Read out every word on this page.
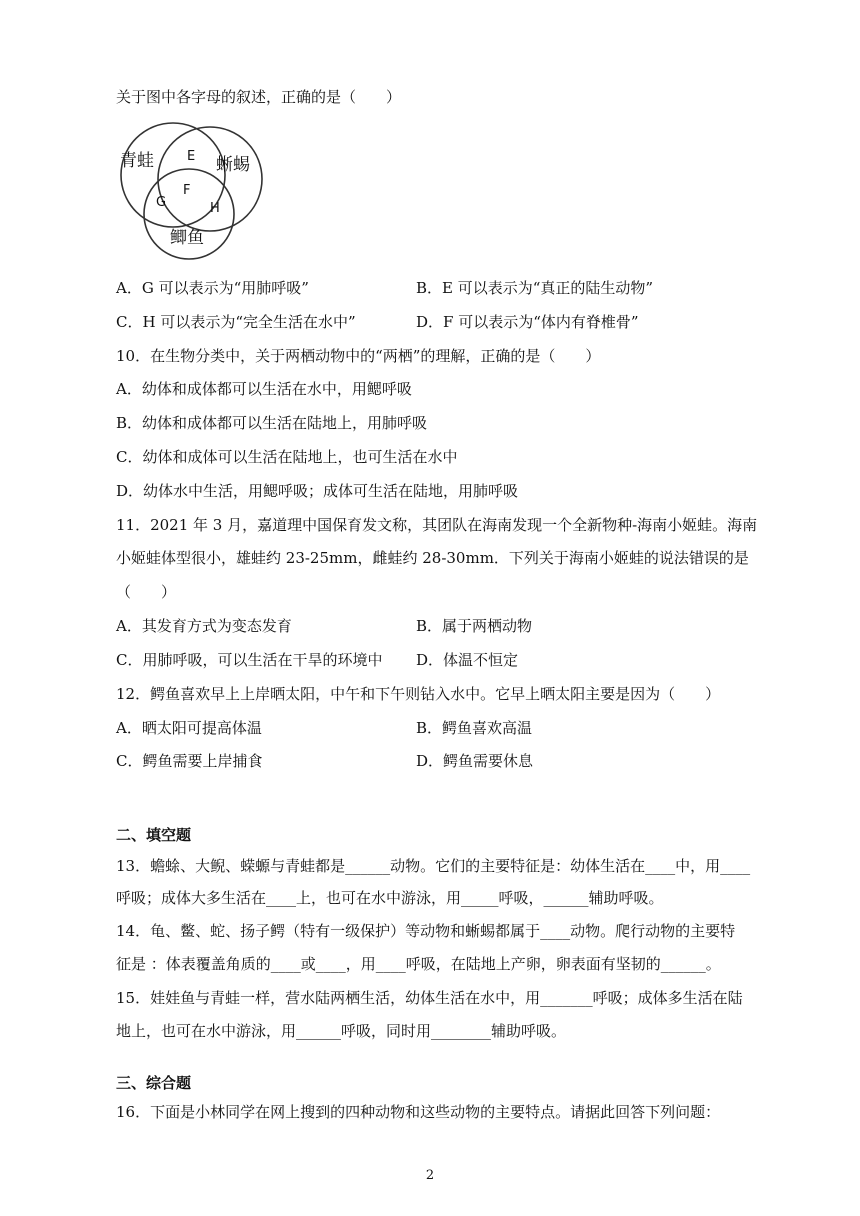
关于图中各字母的叙述，正确的是（　　）
青蛙	蜥蜴
鲫鱼
E
F
G	H
A．G 可以表示为“用肺呼吸”	B．E 可以表示为“真正的陆生动物”
C．H 可以表示为“完全生活在水中”	D．F 可以表示为“体内有脊椎骨”
10．在生物分类中，关于两栖动物中的“两栖”的理解，正确的是（　　）
A．幼体和成体都可以生活在水中，用鳃呼吸
B．幼体和成体都可以生活在陆地上，用肺呼吸
C．幼体和成体可以生活在陆地上，也可生活在水中
D．幼体水中生活，用鳃呼吸；成体可生活在陆地，用肺呼吸
11．2021 年 3 月，嘉道理中国保育发文称，其团队在海南发现一个全新物种-海南小姬蛙。海南
小姬蛙体型很小，雄蛙约 23-25mm，雌蛙约 28-30mm．下列关于海南小姬蛙的说法错误的是
（　　）
A．其发育方式为变态发育	B．属于两栖动物
C．用肺呼吸，可以生活在干旱的环境中 D．体温不恒定
12．鳄鱼喜欢早上上岸晒太阳，中午和下午则钻入水中。它早上晒太阳主要是因为（　　）
A．晒太阳可提高体温	B．鳄鱼喜欢高温
C．鳄鱼需要上岸捕食	D．鳄鱼需要休息
二、填空题
13．蟾蜍、大鲵、蝾螈与青蛙都是______动物。它们的主要特征是：幼体生活在____中，用____
呼吸；成体大多生活在____上，也可在水中游泳，用_____呼吸，______辅助呼吸。
14．龟、鳖、蛇、扬子鳄（特有一级保护）等动物和蜥蜴都属于____动物。爬行动物的主要特
征是 ：体表覆盖角质的____或____，用____呼吸，在陆地上产卵，卵表面有坚韧的______。
15．娃娃鱼与青蛙一样，营水陆两栖生活，幼体生活在水中，用_______呼吸；成体多生活在陆
地上，也可在水中游泳，用______呼吸，同时用________辅助呼吸。
三、综合题
16．下面是小林同学在网上搜到的四种动物和这些动物的主要特点。请据此回答下列问题：
2
